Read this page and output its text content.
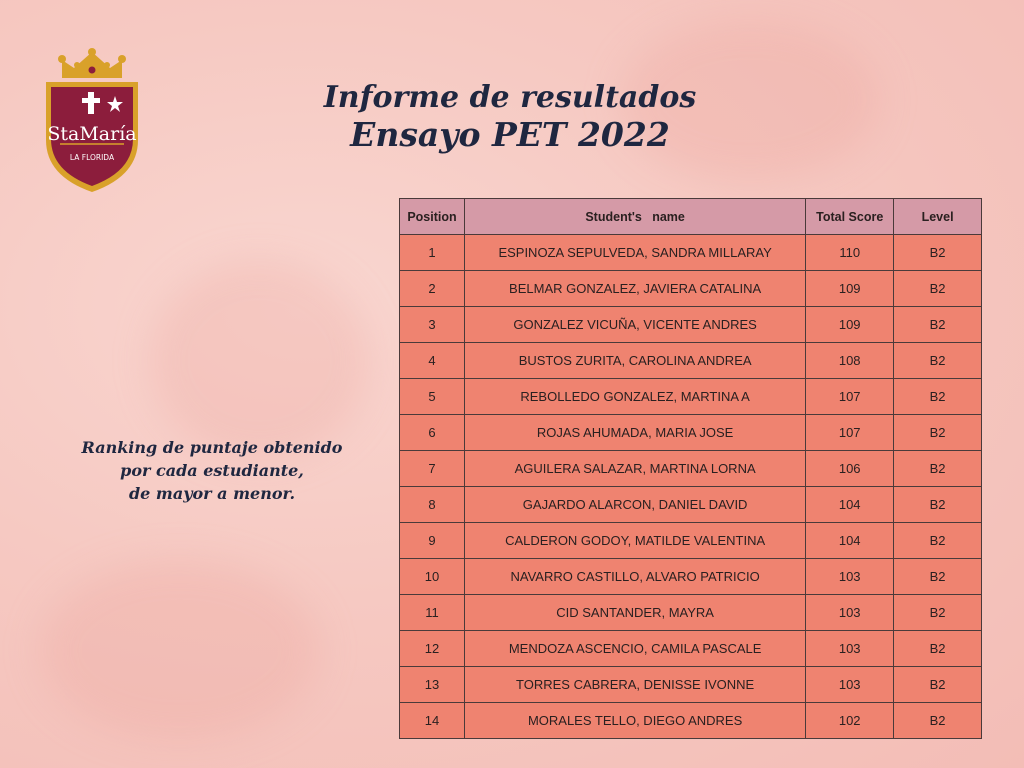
StaMaría
LA FLORIDA
Informe de resultados
Ensayo PET 2022
Ranking de puntaje obtenido
por cada estudiante,
de mayor a menor.
Position	Student's   name	Total Score	Level
1	ESPINOZA SEPULVEDA, SANDRA MILLARAY	110	B2
2	BELMAR GONZALEZ, JAVIERA CATALINA	109	B2
3	GONZALEZ VICUÑA, VICENTE ANDRES	109	B2
4	BUSTOS ZURITA, CAROLINA ANDREA	108	B2
5	REBOLLEDO GONZALEZ, MARTINA A	107	B2
6	ROJAS AHUMADA, MARIA JOSE	107	B2
7	AGUILERA SALAZAR, MARTINA LORNA	106	B2
8	GAJARDO ALARCON, DANIEL DAVID	104	B2
9	CALDERON GODOY, MATILDE VALENTINA	104	B2
10	NAVARRO CASTILLO, ALVARO PATRICIO	103	B2
11	CID SANTANDER, MAYRA	103	B2
12	MENDOZA ASCENCIO, CAMILA PASCALE	103	B2
13	TORRES CABRERA, DENISSE IVONNE	103	B2
14	MORALES TELLO, DIEGO ANDRES	102	B2
